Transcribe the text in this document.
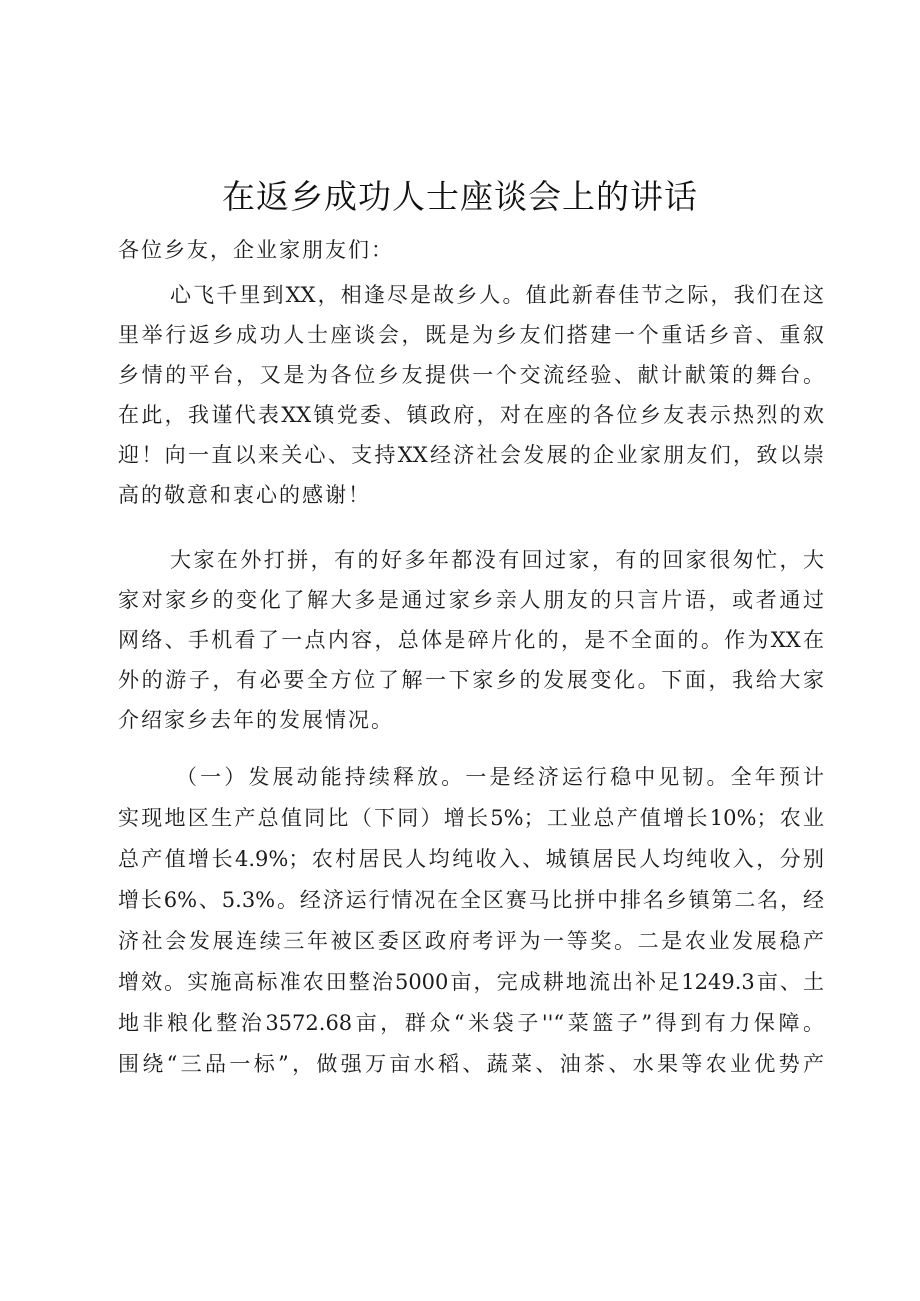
在返乡成功人士座谈会上的讲话
各位乡友，企业家朋友们：
心飞千里到XX，相逢尽是故乡人。值此新春佳节之际，我们在这
里举行返乡成功人士座谈会，既是为乡友们搭建一个重话乡音、重叙
乡情的平台，又是为各位乡友提供一个交流经验、献计献策的舞台。
在此，我谨代表XX镇党委、镇政府，对在座的各位乡友表示热烈的欢
迎！向一直以来关心、支持XX经济社会发展的企业家朋友们，致以崇
高的敬意和衷心的感谢！
大家在外打拼，有的好多年都没有回过家，有的回家很匆忙，大
家对家乡的变化了解大多是通过家乡亲人朋友的只言片语，或者通过
网络、手机看了一点内容，总体是碎片化的，是不全面的。作为XX在
外的游子，有必要全方位了解一下家乡的发展变化。下面，我给大家
介绍家乡去年的发展情况。
（一）发展动能持续释放。一是经济运行稳中见韧。全年预计
实现地区生产总值同比（下同）增长5%；工业总产值增长10%；农业
总产值增长4.9%；农村居民人均纯收入、城镇居民人均纯收入，分别
增长6%、5.3%。经济运行情况在全区赛马比拼中排名乡镇第二名，经
济社会发展连续三年被区委区政府考评为一等奖。二是农业发展稳产
增效。实施高标准农田整治5000亩，完成耕地流出补足1249.3亩、土
地非粮化整治3572.68亩，群众“米袋子''“菜篮子”得到有力保障。
围绕“三品一标”，做强万亩水稻、蔬菜、油茶、水果等农业优势产
